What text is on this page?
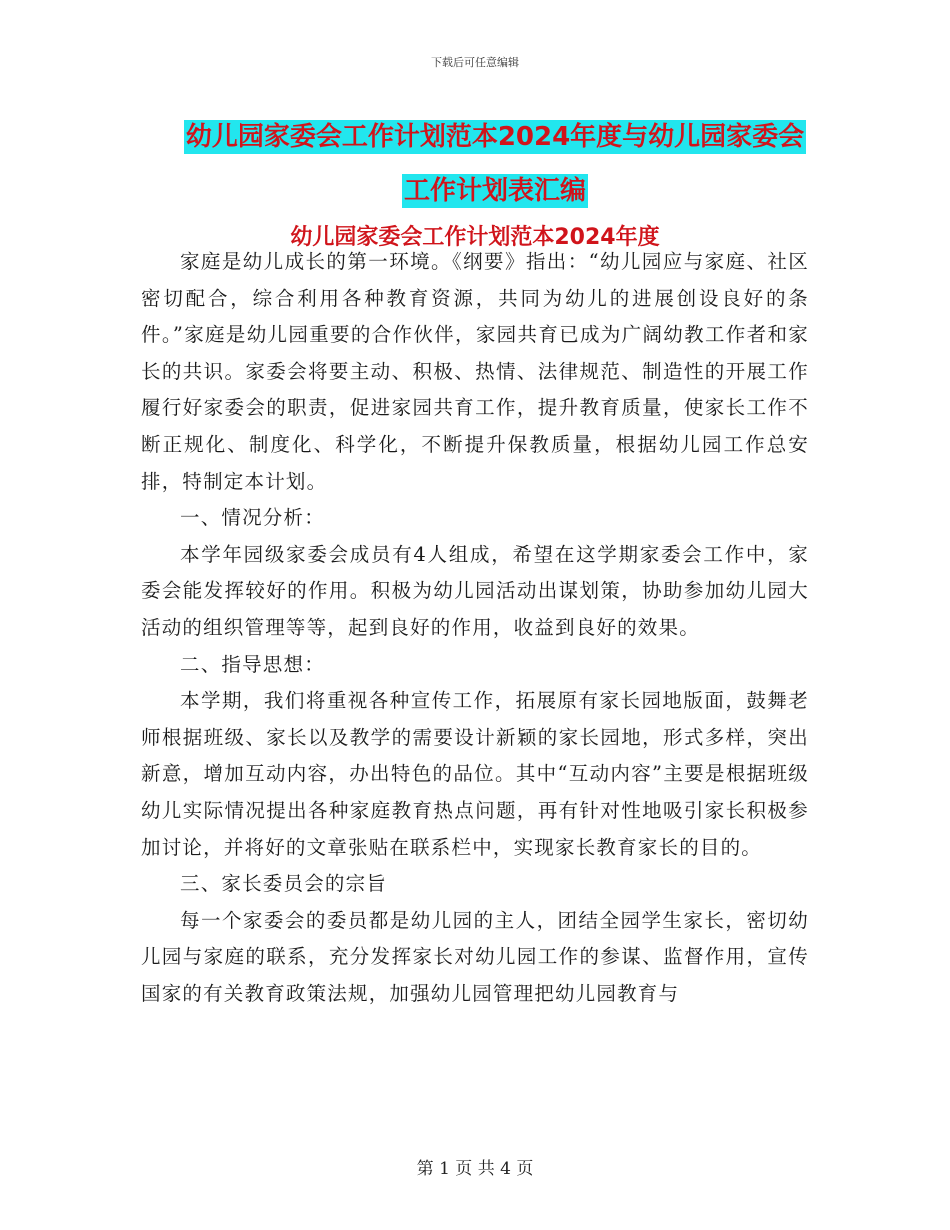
下载后可任意编辑
幼儿园家委会工作计划范本2024年度与幼儿园家委会
工作计划表汇编
幼儿园家委会工作计划范本2024年度

家庭是幼儿成长的第一环境。《纲要》指出：“幼儿园应与家庭、社区密切配合，综合利用各种教育资源，共同为幼儿的进展创设良好的条件。”家庭是幼儿园重要的合作伙伴，家园共育已成为广阔幼教工作者和家长的共识。家委会将要主动、积极、热情、法律规范、制造性的开展工作履行好家委会的职责，促进家园共育工作，提升教育质量，使家长工作不断正规化、制度化、科学化，不断提升保教质量，根据幼儿园工作总安排，特制定本计划。

一、情况分析：

本学年园级家委会成员有4人组成，希望在这学期家委会工作中，家委会能发挥较好的作用。积极为幼儿园活动出谋划策，协助参加幼儿园大活动的组织管理等等，起到良好的作用，收益到良好的效果。

二、指导思想：

本学期，我们将重视各种宣传工作，拓展原有家长园地版面，鼓舞老师根据班级、家长以及教学的需要设计新颖的家长园地，形式多样，突出新意，增加互动内容，办出特色的品位。其中“互动内容”主要是根据班级幼儿实际情况提出各种家庭教育热点问题，再有针对性地吸引家长积极参加讨论，并将好的文章张贴在联系栏中，实现家长教育家长的目的。

三、家长委员会的宗旨

每一个家委会的委员都是幼儿园的主人，团结全园学生家长，密切幼儿园与家庭的联系，充分发挥家长对幼儿园工作的参谋、监督作用，宣传国家的有关教育政策法规，加强幼儿园管理把幼儿园教育与

第 1 页 共 4 页
